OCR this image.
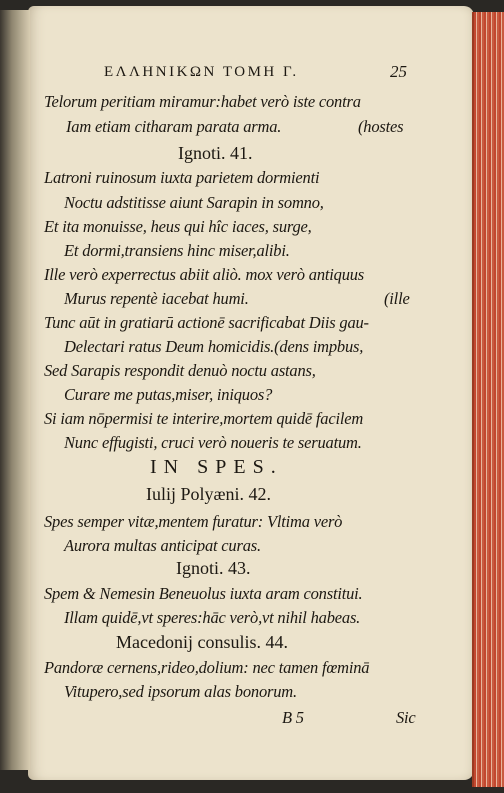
ΕΛΛΗΝΙΚΩΝ ΤΟΜΗ Γ.	25
Telorum peritiam miramur:habet verò iste contra
Iam etiam citharam parata arma.	(hostes
Ignoti. 41.
Latroni ruinosum iuxta parietem dormienti
Noctu adstitisse aiunt Sarapin in somno,
Et ita monuisse, heus qui hîc iaces, surge,
Et dormi,transiens hinc miser,alibi.
Ille verò experrectus abiit aliò. mox verò antiquus
Murus repentè iacebat humi.	(ille
Tunc aūt in gratiarū actionē sacrificabat Diis gau-
Delectari ratus Deum homicidis.(dens impbus,
Sed Sarapis respondit denuò noctu astans,
Curare me putas,miser, iniquos?
Si iam nōpermisi te interire,mortem quidē facilem
Nunc effugisti, cruci verò noueris te seruatum.
IN SPES.
Iulij Polyæni. 42.
Spes semper vitæ,mentem furatur: Vltima verò
Aurora multas anticipat curas.
Ignoti. 43.
Spem & Nemesin Beneuolus iuxta aram constitui.
Illam quidē,vt speres:hāc verò,vt nihil habeas.
Macedonij consulis. 44.
Pandoræ cernens,rideo,dolium: nec tamen fœminā
Vitupero,sed ipsorum alas bonorum.
B 5	Sic
